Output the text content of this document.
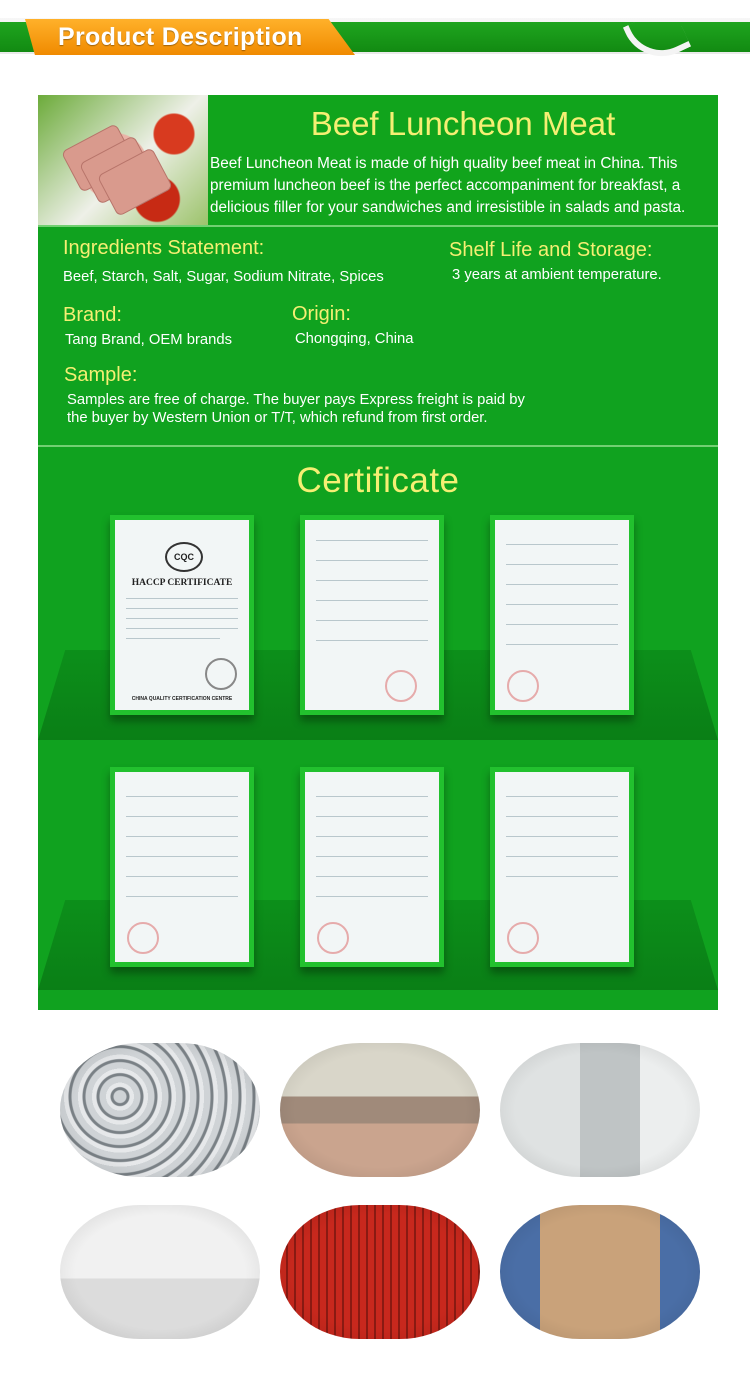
Product Description
Beef Luncheon Meat
Beef Luncheon Meat is made of high quality beef meat in China. This
premium luncheon beef is the perfect accompaniment for breakfast, a
delicious filler for your sandwiches and irresistible in salads and pasta.
Ingredients Statement:
Beef, Starch, Salt, Sugar, Sodium Nitrate, Spices
Shelf Life and Storage:
3 years at ambient temperature.
Brand:
Tang Brand, OEM brands
Origin:
Chongqing, China
Sample:
Samples are free of charge. The buyer pays Express freight is paid by
the buyer by Western Union or T/T, which refund from first order.
Certificate
CQC
HACCP CERTIFICATE
CHINA QUALITY CERTIFICATION CENTRE
